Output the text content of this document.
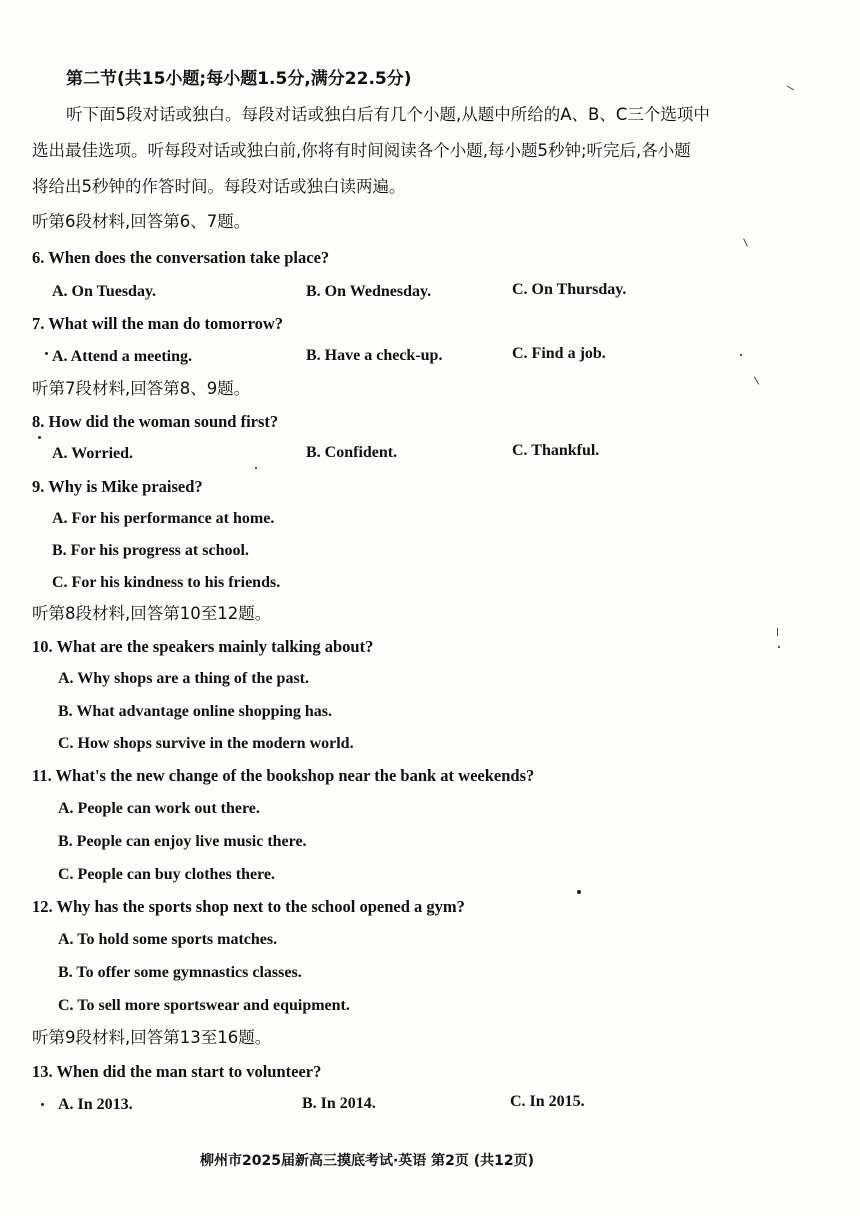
第二节(共15小题;每小题1.5分,满分22.5分)
听下面5段对话或独白。每段对话或独白后有几个小题,从题中所给的A、B、C三个选项中
选出最佳选项。听每段对话或独白前,你将有时间阅读各个小题,每小题5秒钟;听完后,各小题
将给出5秒钟的作答时间。每段对话或独白读两遍。
听第6段材料,回答第6、7题。
6. When does the conversation take place?
A. On Tuesday.	B. On Wednesday.	C. On Thursday.
7. What will the man do tomorrow?
A. Attend a meeting.	B. Have a check-up.	C. Find a job.
听第7段材料,回答第8、9题。
8. How did the woman sound first?
A. Worried.	B. Confident.	C. Thankful.
9. Why is Mike praised?
A. For his performance at home.
B. For his progress at school.
C. For his kindness to his friends.
听第8段材料,回答第10至12题。
10. What are the speakers mainly talking about?
A. Why shops are a thing of the past.
B. What advantage online shopping has.
C. How shops survive in the modern world.
11. What's the new change of the bookshop near the bank at weekends?
A. People can work out there.
B. People can enjoy live music there.
C. People can buy clothes there.
12. Why has the sports shop next to the school opened a gym?
A. To hold some sports matches.
B. To offer some gymnastics classes.
C. To sell more sportswear and equipment.
听第9段材料,回答第13至16题。
13. When did the man start to volunteer?
A. In 2013.	B. In 2014.	C. In 2015.
柳州市2025届新高三摸底考试·英语 第2页 (共12页)
